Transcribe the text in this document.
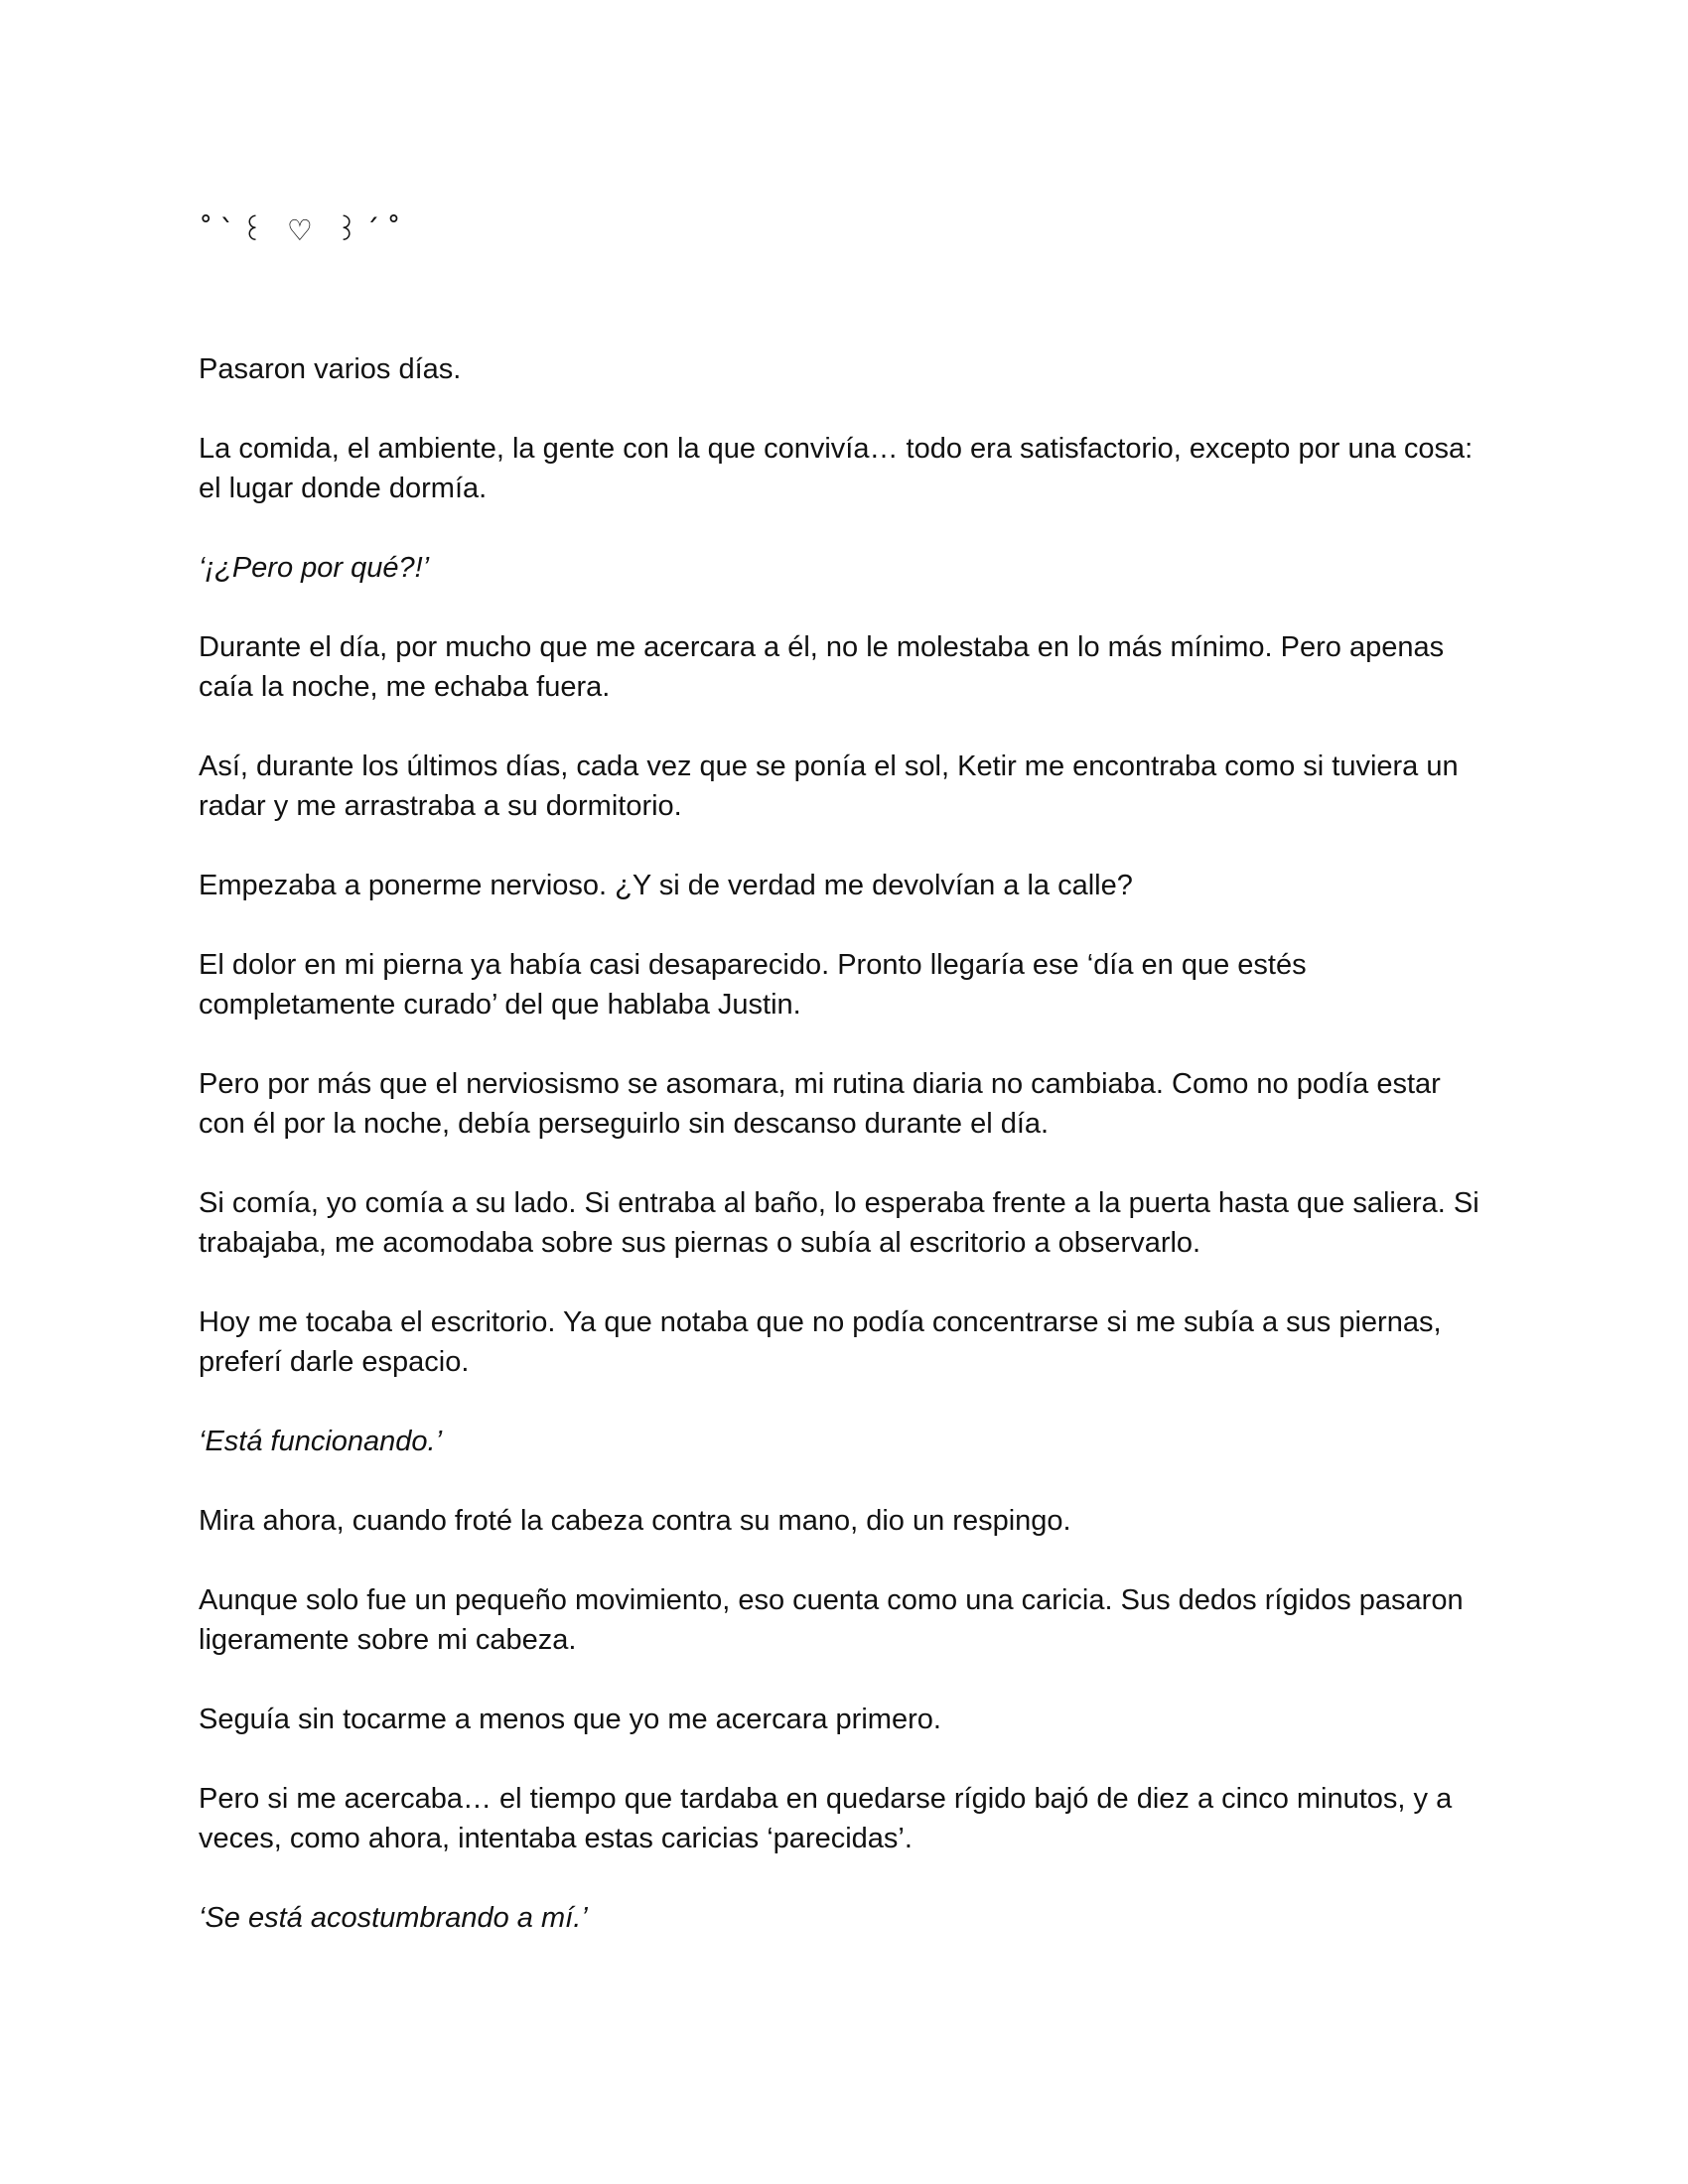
˚ˋ꒰ ♡ ꒱ˊ˚

Pasaron varios días.

La comida, el ambiente, la gente con la que convivía… todo era satisfactorio, excepto por una cosa: el lugar donde dormía.

‘¡¿Pero por qué?!’

Durante el día, por mucho que me acercara a él, no le molestaba en lo más mínimo. Pero apenas caía la noche, me echaba fuera.

Así, durante los últimos días, cada vez que se ponía el sol, Ketir me encontraba como si tuviera un radar y me arrastraba a su dormitorio.

Empezaba a ponerme nervioso. ¿Y si de verdad me devolvían a la calle?

El dolor en mi pierna ya había casi desaparecido. Pronto llegaría ese ‘día en que estés completamente curado’ del que hablaba Justin.

Pero por más que el nerviosismo se asomara, mi rutina diaria no cambiaba. Como no podía estar con él por la noche, debía perseguirlo sin descanso durante el día.

Si comía, yo comía a su lado. Si entraba al baño, lo esperaba frente a la puerta hasta que saliera. Si trabajaba, me acomodaba sobre sus piernas o subía al escritorio a observarlo.

Hoy me tocaba el escritorio. Ya que notaba que no podía concentrarse si me subía a sus piernas, preferí darle espacio.

‘Está funcionando.’

Mira ahora, cuando froté la cabeza contra su mano, dio un respingo.

Aunque solo fue un pequeño movimiento, eso cuenta como una caricia. Sus dedos rígidos pasaron ligeramente sobre mi cabeza.

Seguía sin tocarme a menos que yo me acercara primero.

Pero si me acercaba… el tiempo que tardaba en quedarse rígido bajó de diez a cinco minutos, y a veces, como ahora, intentaba estas caricias ‘parecidas’.

‘Se está acostumbrando a mí.’
